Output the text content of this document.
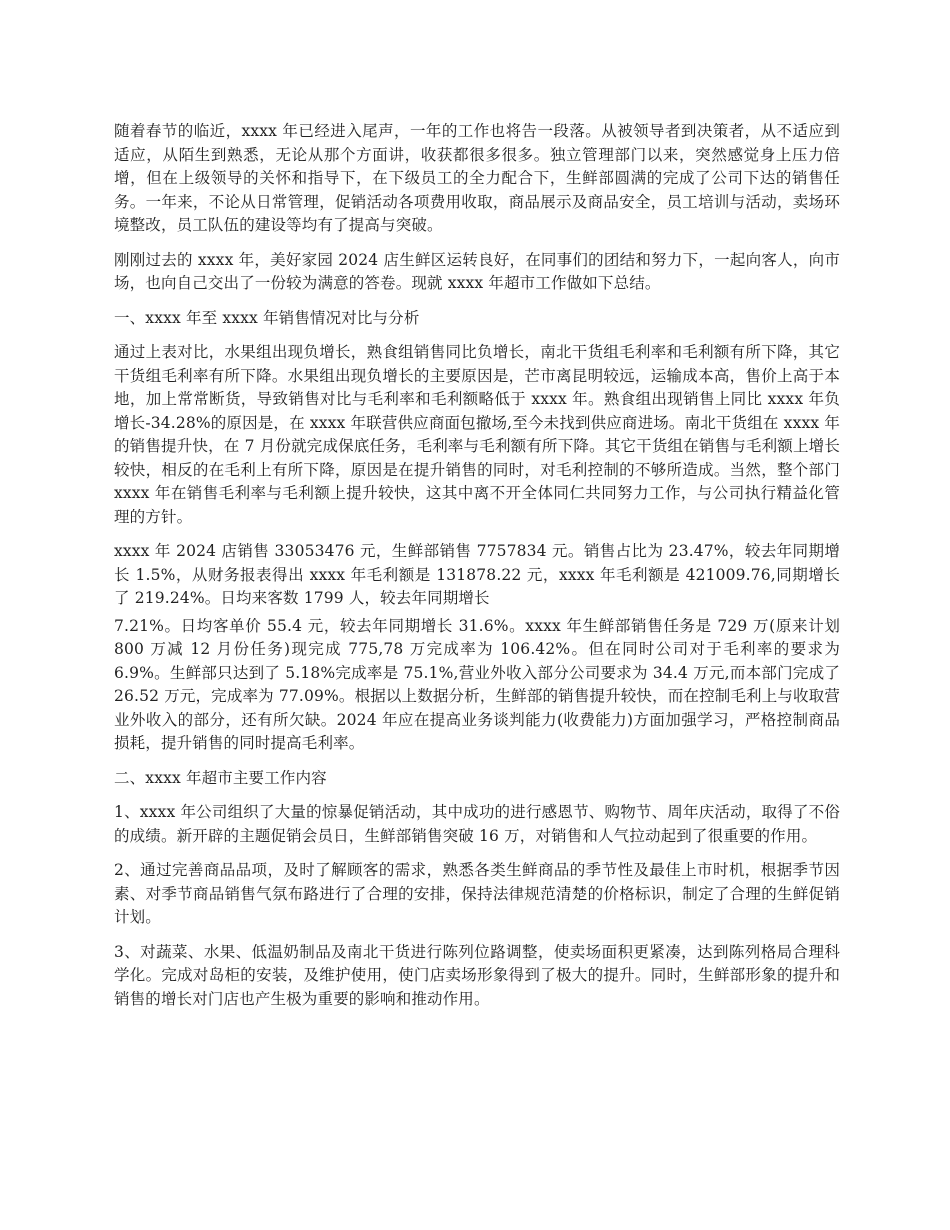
随着春节的临近，xxxx 年已经进入尾声，一年的工作也将告一段落。从被领导者到决策者，从不适应到适应，从陌生到熟悉，无论从那个方面讲，收获都很多很多。独立管理部门以来，突然感觉身上压力倍增，但在上级领导的关怀和指导下，在下级员工的全力配合下，生鲜部圆满的完成了公司下达的销售任务。一年来，不论从日常管理，促销活动各项费用收取，商品展示及商品安全，员工培训与活动，卖场环境整改，员工队伍的建设等均有了提高与突破。

刚刚过去的 xxxx 年，美好家园 2024 店生鲜区运转良好，在同事们的团结和努力下，一起向客人，向市场，也向自己交出了一份较为满意的答卷。现就 xxxx 年超市工作做如下总结。

一、xxxx 年至 xxxx 年销售情况对比与分析

通过上表对比，水果组出现负增长，熟食组销售同比负增长，南北干货组毛利率和毛利额有所下降，其它干货组毛利率有所下降。水果组出现负增长的主要原因是，芒市离昆明较远，运输成本高，售价上高于本地，加上常常断货，导致销售对比与毛利率和毛利额略低于 xxxx 年。熟食组出现销售上同比 xxxx 年负增长-34.28%的原因是，在 xxxx 年联营供应商面包撤场,至今未找到供应商进场。南北干货组在 xxxx 年的销售提升快，在 7 月份就完成保底任务，毛利率与毛利额有所下降。其它干货组在销售与毛利额上增长较快，相反的在毛利上有所下降，原因是在提升销售的同时，对毛利控制的不够所造成。当然，整个部门 xxxx 年在销售毛利率与毛利额上提升较快，这其中离不开全体同仁共同努力工作，与公司执行精益化管理的方针。

xxxx 年 2024 店销售 33053476 元，生鲜部销售 7757834 元。销售占比为 23.47%，较去年同期增长 1.5%，从财务报表得出 xxxx 年毛利额是 131878.22 元，xxxx 年毛利额是 421009.76,同期增长了 219.24%。日均来客数 1799 人，较去年同期增长

7.21%。日均客单价 55.4 元，较去年同期增长 31.6%。xxxx 年生鲜部销售任务是 729 万(原来计划 800 万减 12 月份任务)现完成 775,78 万完成率为 106.42%。但在同时公司对于毛利率的要求为 6.9%。生鲜部只达到了 5.18%完成率是 75.1%,营业外收入部分公司要求为 34.4 万元,而本部门完成了 26.52 万元，完成率为 77.09%。根据以上数据分析，生鲜部的销售提升较快，而在控制毛利上与收取营业外收入的部分，还有所欠缺。2024 年应在提高业务谈判能力(收费能力)方面加强学习，严格控制商品损耗，提升销售的同时提高毛利率。

二、xxxx 年超市主要工作内容

1、xxxx 年公司组织了大量的惊暴促销活动，其中成功的进行感恩节、购物节、周年庆活动，取得了不俗的成绩。新开辟的主题促销会员日，生鲜部销售突破 16 万，对销售和人气拉动起到了很重要的作用。

2、通过完善商品品项，及时了解顾客的需求，熟悉各类生鲜商品的季节性及最佳上市时机，根据季节因素、对季节商品销售气氛布路进行了合理的安排，保持法律规范清楚的价格标识，制定了合理的生鲜促销计划。

3、对蔬菜、水果、低温奶制品及南北干货进行陈列位路调整，使卖场面积更紧凑，达到陈列格局合理科学化。完成对岛柜的安装，及维护使用，使门店卖场形象得到了极大的提升。同时，生鲜部形象的提升和销售的增长对门店也产生极为重要的影响和推动作用。
